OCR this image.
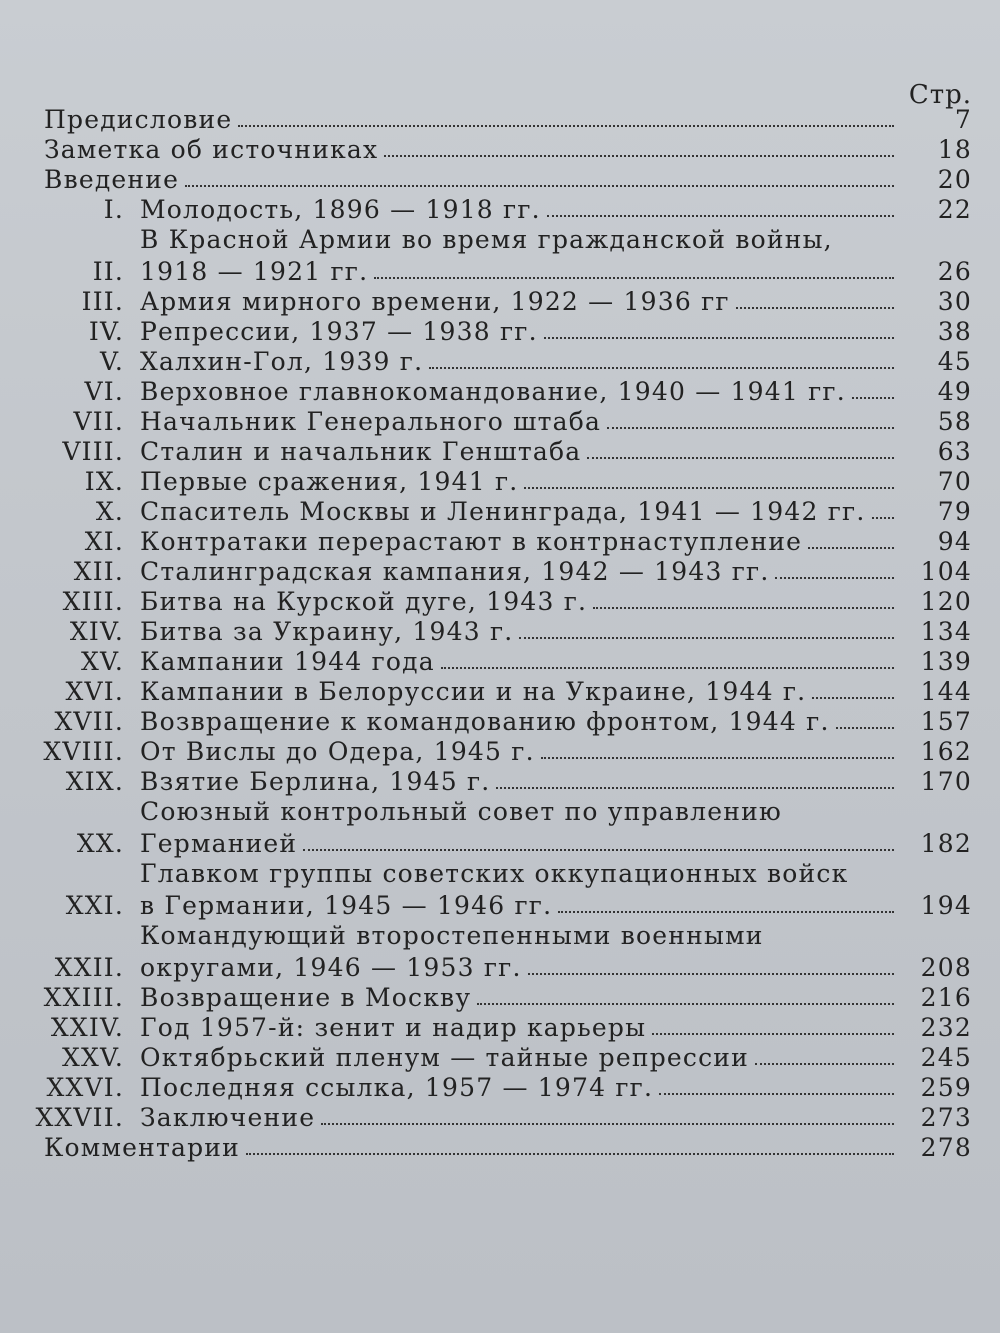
Стр.
Предисловие	7
Заметка об источниках	18
Введение	20
I. Молодость, 1896 — 1918 гг.	22
II.
В Красной Армии во время гражданской войны,
1918 — 1921 гг.	26
III. Армия мирного времени, 1922 — 1936 гг	30
IV. Репрессии, 1937 — 1938 гг.	38
V. Халхин-Гол, 1939 г.	45
VI. Верховное главнокомандование, 1940 — 1941 гг.	49
VII. Начальник Генерального штаба	58
VIII. Сталин и начальник Генштаба	63
IX. Первые сражения, 1941 г.	70
X. Спаситель Москвы и Ленинграда, 1941 — 1942 гг.	79
XI. Контратаки перерастают в контрнаступление	94
XII. Сталинградская кампания, 1942 — 1943 гг.	104
XIII. Битва на Курской дуге, 1943 г.	120
XIV. Битва за Украину, 1943 г.	134
XV. Кампании 1944 года	139
XVI. Кампании в Белоруссии и на Украине, 1944 г.	144
XVII. Возвращение к командованию фронтом, 1944 г.	157
XVIII. От Вислы до Одера, 1945 г.	162
XIX. Взятие Берлина, 1945 г.	170
XX.
Союзный контрольный совет по управлению
Германией	182
XXI.
Главком группы советских оккупационных войск
в Германии, 1945 — 1946 гг.	194
XXII.
Командующий второстепенными военными
округами, 1946 — 1953 гг.	208
XXIII. Возвращение в Москву	216
XXIV. Год 1957-й: зенит и надир карьеры	232
XXV. Октябрьский пленум — тайные репрессии	245
XXVI. Последняя ссылка, 1957 — 1974 гг.	259
XXVII. Заключение	273
Комментарии	278
